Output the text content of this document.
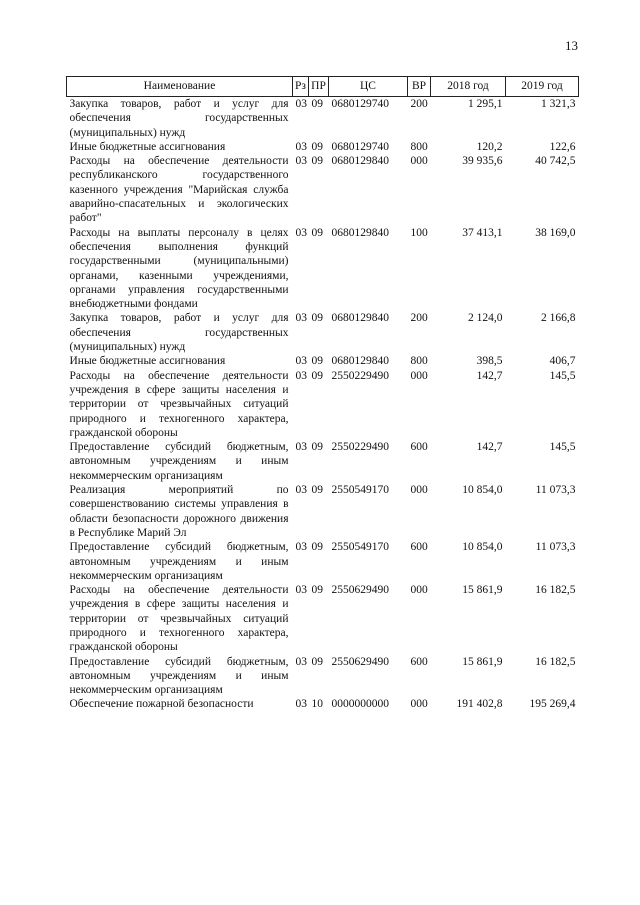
13
Наименование	Рз	ПР	ЦС	ВР	2018 год	2019 год
Закупка товаров, работ и услуг для обеспечения государственных (муниципальных) нужд	03	09	0680129740	200	1 295,1	1 321,3
Иные бюджетные ассигнования	03	09	0680129740	800	120,2	122,6
Расходы на обеспечение деятельности республиканского государственного казенного учреждения "Марийская служба аварийно-спасательных и экологических работ"	03	09	0680129840	000	39 935,6	40 742,5
Расходы на выплаты персоналу в целях обеспечения выполнения функций государственными (муниципальными) органами, казенными учреждениями, органами управления государственными внебюджетными фондами	03	09	0680129840	100	37 413,1	38 169,0
Закупка товаров, работ и услуг для обеспечения государственных (муниципальных) нужд	03	09	0680129840	200	2 124,0	2 166,8
Иные бюджетные ассигнования	03	09	0680129840	800	398,5	406,7
Расходы на обеспечение деятельности учреждения в сфере защиты населения и территории от чрезвычайных ситуаций природного и техногенного характера, гражданской обороны	03	09	2550229490	000	142,7	145,5
Предоставление субсидий бюджетным, автономным учреждениям и иным некоммерческим организациям	03	09	2550229490	600	142,7	145,5
Реализация мероприятий по совершенствованию системы управления в области безопасности дорожного движения в Республике Марий Эл	03	09	2550549170	000	10 854,0	11 073,3
Предоставление субсидий бюджетным, автономным учреждениям и иным некоммерческим организациям	03	09	2550549170	600	10 854,0	11 073,3
Расходы на обеспечение деятельности учреждения в сфере защиты населения и территории от чрезвычайных ситуаций природного и техногенного характера, гражданской обороны	03	09	2550629490	000	15 861,9	16 182,5
Предоставление субсидий бюджетным, автономным учреждениям и иным некоммерческим организациям	03	09	2550629490	600	15 861,9	16 182,5
Обеспечение пожарной безопасности	03	10	0000000000	000	191 402,8	195 269,4
